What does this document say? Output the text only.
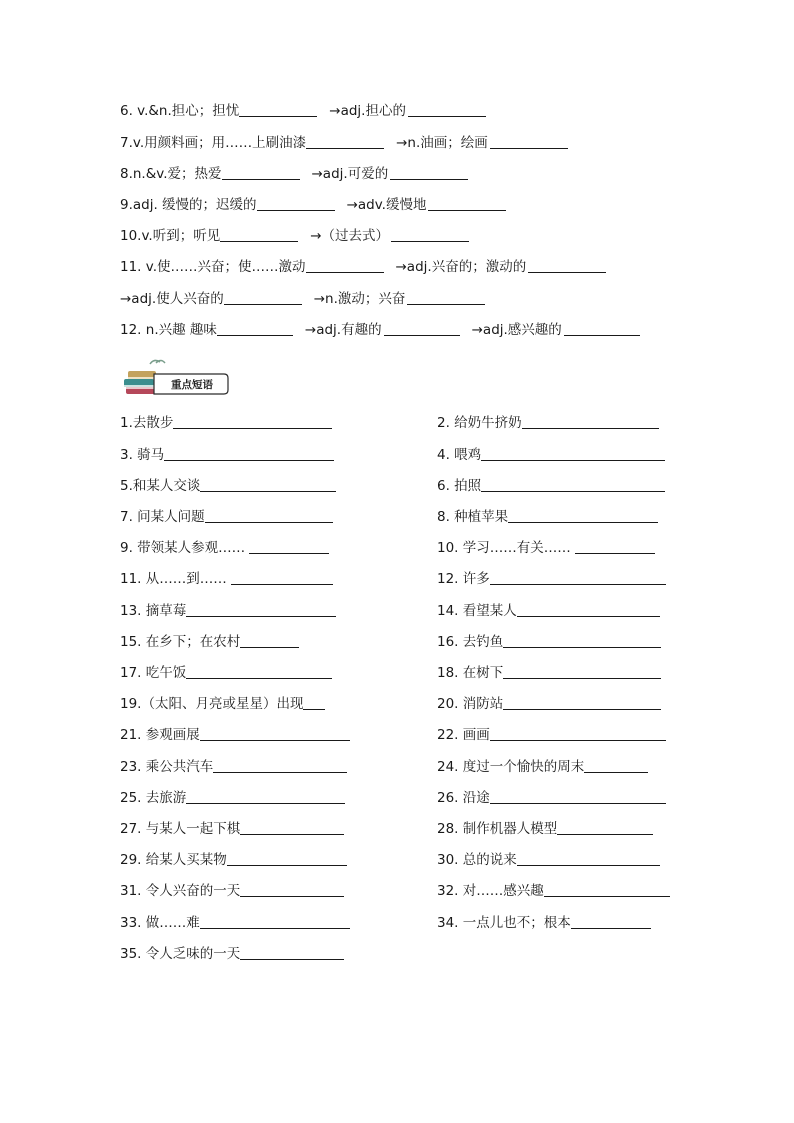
6. v.&n.担心；担忧	→adj.担心的
7.v.用颜料画；用……上刷油漆	→n.油画；绘画
8.n.&v.爱；热爱	→adj.可爱的
9.adj. 缓慢的；迟缓的	→adv.缓慢地
10.v.听到；听见	→（过去式）
11. v.使……兴奋；使……激动	→adj.兴奋的；激动的
→adj.使人兴奋的	→n.激动；兴奋
12. n.兴趣 趣味	→adj.有趣的	→adj.感兴趣的
重点短语
1.去散步	2. 给奶牛挤奶
3. 骑马	4. 喂鸡
5.和某人交谈	6. 拍照
7. 问某人问题	8. 种植苹果
9. 带领某人参观……	10. 学习……有关……
11. 从……到……	12. 许多
13. 摘草莓	14. 看望某人
15. 在乡下；在农村	16. 去钓鱼
17. 吃午饭	18. 在树下
19.（太阳、月亮或星星）出现	20. 消防站
21. 参观画展	22. 画画
23. 乘公共汽车	24. 度过一个愉快的周末
25. 去旅游	26. 沿途
27. 与某人一起下棋	28. 制作机器人模型
29. 给某人买某物	30. 总的说来
31. 令人兴奋的一天	32. 对……感兴趣
33. 做……难	34. 一点儿也不；根本
35. 令人乏味的一天
